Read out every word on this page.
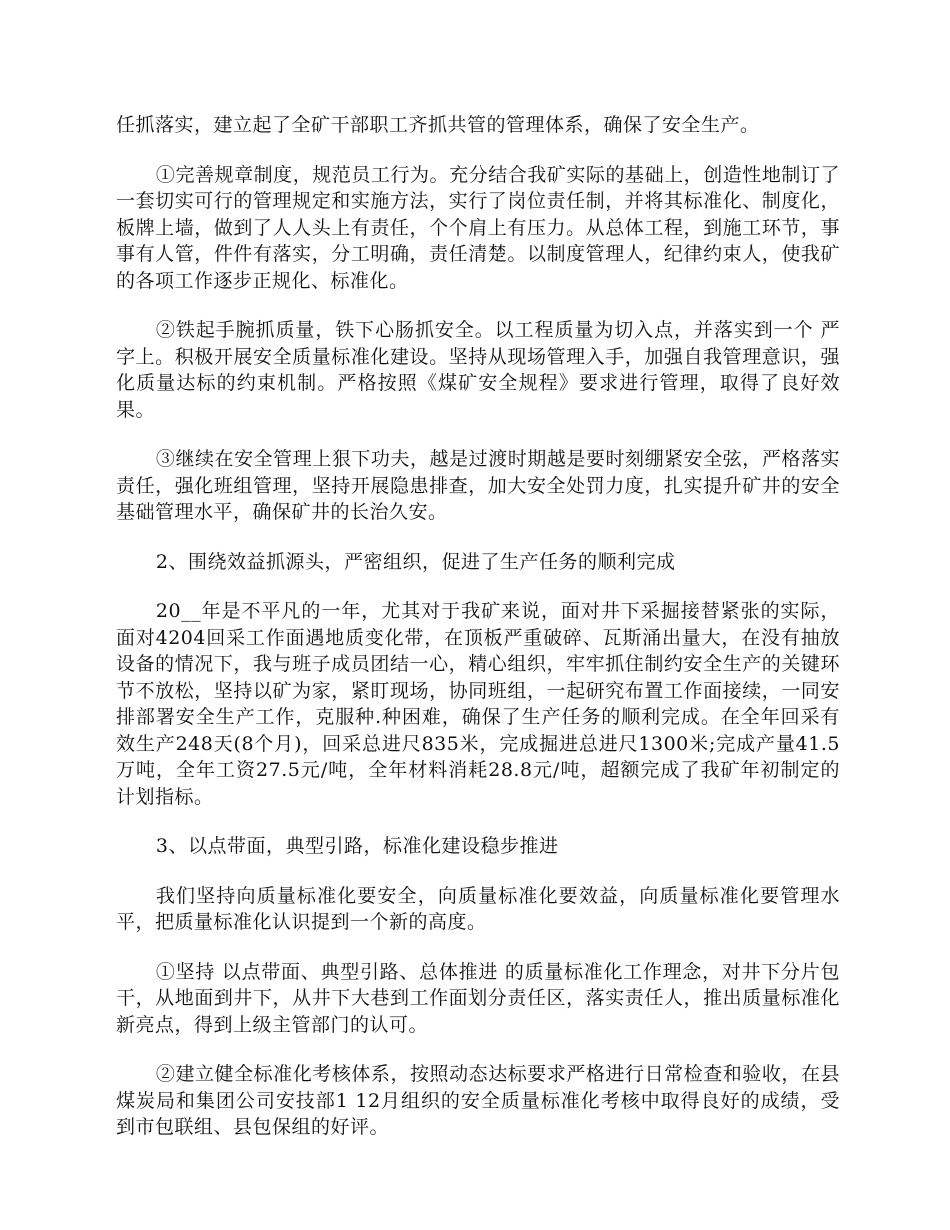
任抓落实，建立起了全矿干部职工齐抓共管的管理体系，确保了安全生产。

①完善规章制度，规范员工行为。充分结合我矿实际的基础上，创造性地制订了一套切实可行的管理规定和实施方法，实行了岗位责任制，并将其标准化、制度化，板牌上墙，做到了人人头上有责任，个个肩上有压力。从总体工程，到施工环节，事事有人管，件件有落实，分工明确，责任清楚。以制度管理人，纪律约束人，使我矿的各项工作逐步正规化、标准化。

②铁起手腕抓质量，铁下心肠抓安全。以工程质量为切入点，并落实到一个 严 字上。积极开展安全质量标准化建设。坚持从现场管理入手，加强自我管理意识，强化质量达标的约束机制。严格按照《煤矿安全规程》要求进行管理，取得了良好效果。

③继续在安全管理上狠下功夫，越是过渡时期越是要时刻绷紧安全弦，严格落实责任，强化班组管理，坚持开展隐患排查，加大安全处罚力度，扎实提升矿井的安全基础管理水平，确保矿井的长治久安。

2、围绕效益抓源头，严密组织，促进了生产任务的顺利完成

20__年是不平凡的一年，尤其对于我矿来说，面对井下采掘接替紧张的实际，面对4204回采工作面遇地质变化带，在顶板严重破碎、瓦斯涌出量大，在没有抽放设备的情况下，我与班子成员团结一心，精心组织，牢牢抓住制约安全生产的关键环节不放松，坚持以矿为家，紧盯现场，协同班组，一起研究布置工作面接续，一同安排部署安全生产工作，克服种.种困难，确保了生产任务的顺利完成。在全年回采有效生产248天(8个月)，回采总进尺835米，完成掘进总进尺1300米;完成产量41.5万吨，全年工资27.5元/吨，全年材料消耗28.8元/吨，超额完成了我矿年初制定的计划指标。

3、以点带面，典型引路，标准化建设稳步推进

我们坚持向质量标准化要安全，向质量标准化要效益，向质量标准化要管理水平，把质量标准化认识提到一个新的高度。

①坚持 以点带面、典型引路、总体推进 的质量标准化工作理念，对井下分片包干，从地面到井下，从井下大巷到工作面划分责任区，落实责任人，推出质量标准化新亮点，得到上级主管部门的认可。

②建立健全标准化考核体系，按照动态达标要求严格进行日常检查和验收，在县煤炭局和集团公司安技部1 12月组织的安全质量标准化考核中取得良好的成绩，受到市包联组、县包保组的好评。
